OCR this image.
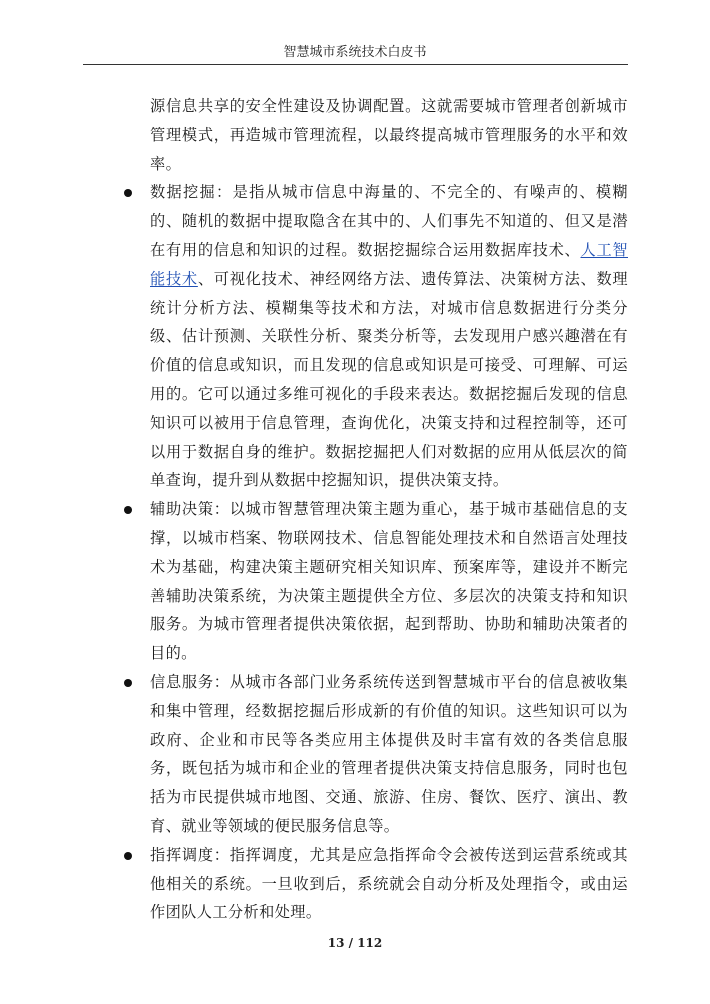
智慧城市系统技术白皮书
源信息共享的安全性建设及协调配置。这就需要城市管理者创新城市管理模式，再造城市管理流程，以最终提高城市管理服务的水平和效率。
数据挖掘：是指从城市信息中海量的、不完全的、有噪声的、模糊的、随机的数据中提取隐含在其中的、人们事先不知道的、但又是潜在有用的信息和知识的过程。数据挖掘综合运用数据库技术、人工智能技术、可视化技术、神经网络方法、遗传算法、决策树方法、数理统计分析方法、模糊集等技术和方法，对城市信息数据进行分类分级、估计预测、关联性分析、聚类分析等，去发现用户感兴趣潜在有价值的信息或知识，而且发现的信息或知识是可接受、可理解、可运用的。它可以通过多维可视化的手段来表达。数据挖掘后发现的信息知识可以被用于信息管理，查询优化，决策支持和过程控制等，还可以用于数据自身的维护。数据挖掘把人们对数据的应用从低层次的简单查询，提升到从数据中挖掘知识，提供决策支持。
辅助决策：以城市智慧管理决策主题为重心，基于城市基础信息的支撑，以城市档案、物联网技术、信息智能处理技术和自然语言处理技术为基础，构建决策主题研究相关知识库、预案库等，建设并不断完善辅助决策系统，为决策主题提供全方位、多层次的决策支持和知识服务。为城市管理者提供决策依据，起到帮助、协助和辅助决策者的目的。
信息服务：从城市各部门业务系统传送到智慧城市平台的信息被收集和集中管理，经数据挖掘后形成新的有价值的知识。这些知识可以为政府、企业和市民等各类应用主体提供及时丰富有效的各类信息服务，既包括为城市和企业的管理者提供决策支持信息服务，同时也包括为市民提供城市地图、交通、旅游、住房、餐饮、医疗、演出、教育、就业等领域的便民服务信息等。
指挥调度：指挥调度，尤其是应急指挥命令会被传送到运营系统或其他相关的系统。一旦收到后，系统就会自动分析及处理指令，或由运作团队人工分析和处理。
13 / 112
